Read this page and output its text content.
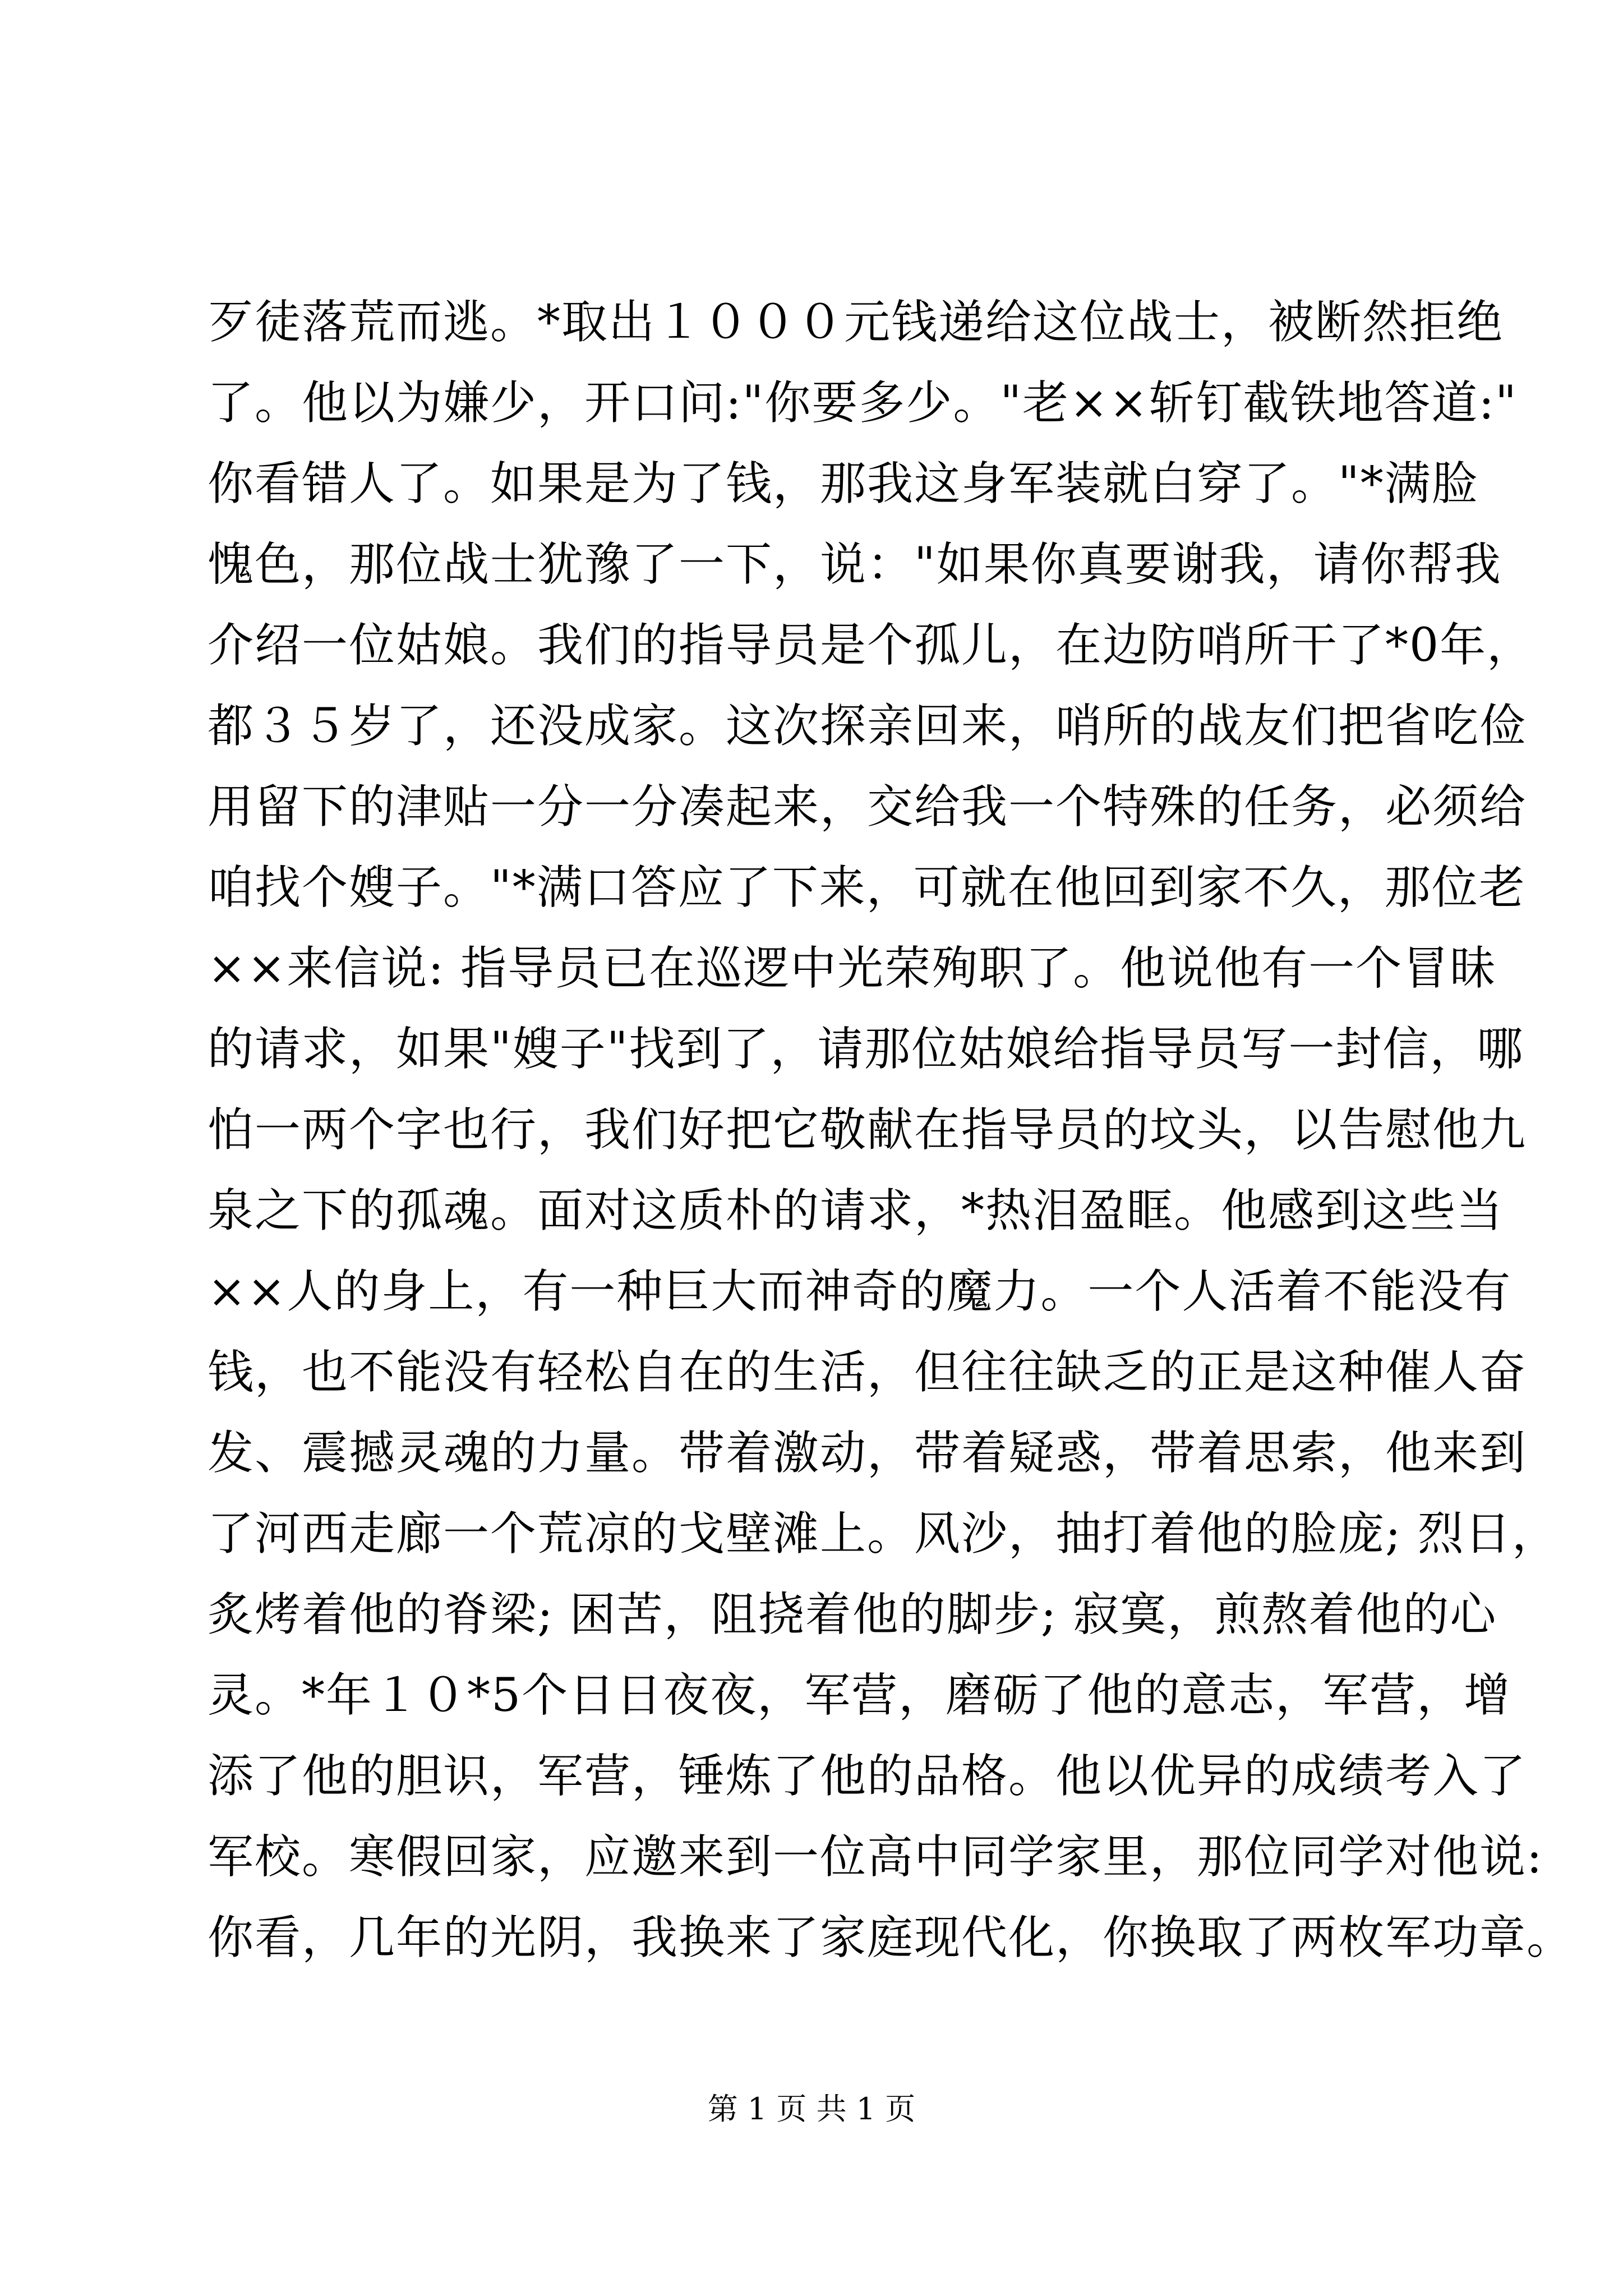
歹徒落荒而逃。*取出１０００元钱递给这位战士，被断然拒绝
了。他以为嫌少，开口问:"你要多少。"老××斩钉截铁地答道:"
你看错人了。如果是为了钱，那我这身军装就白穿了。"*满脸
愧色，那位战士犹豫了一下，说："如果你真要谢我，请你帮我
介绍一位姑娘。我们的指导员是个孤儿，在边防哨所干了*0年，
都３５岁了，还没成家。这次探亲回来，哨所的战友们把省吃俭
用留下的津贴一分一分凑起来，交给我一个特殊的任务，必须给
咱找个嫂子。"*满口答应了下来，可就在他回到家不久，那位老
××来信说: 指导员已在巡逻中光荣殉职了。他说他有一个冒昧
的请求，如果"嫂子"找到了，请那位姑娘给指导员写一封信，哪
怕一两个字也行，我们好把它敬献在指导员的坟头，以告慰他九
泉之下的孤魂。面对这质朴的请求，*热泪盈眶。他感到这些当
××人的身上，有一种巨大而神奇的魔力。一个人活着不能没有
钱，也不能没有轻松自在的生活，但往往缺乏的正是这种催人奋
发、震撼灵魂的力量。带着激动，带着疑惑，带着思索，他来到
了河西走廊一个荒凉的戈壁滩上。风沙，抽打着他的脸庞; 烈日，
炙烤着他的脊梁; 困苦，阻挠着他的脚步; 寂寞，煎熬着他的心
灵。*年１０*5个日日夜夜，军营，磨砺了他的意志，军营，增
添了他的胆识，军营，锤炼了他的品格。他以优异的成绩考入了
军校。寒假回家，应邀来到一位高中同学家里，那位同学对他说:
你看，几年的光阴，我换来了家庭现代化，你换取了两枚军功章。
第 1 页 共 1 页
